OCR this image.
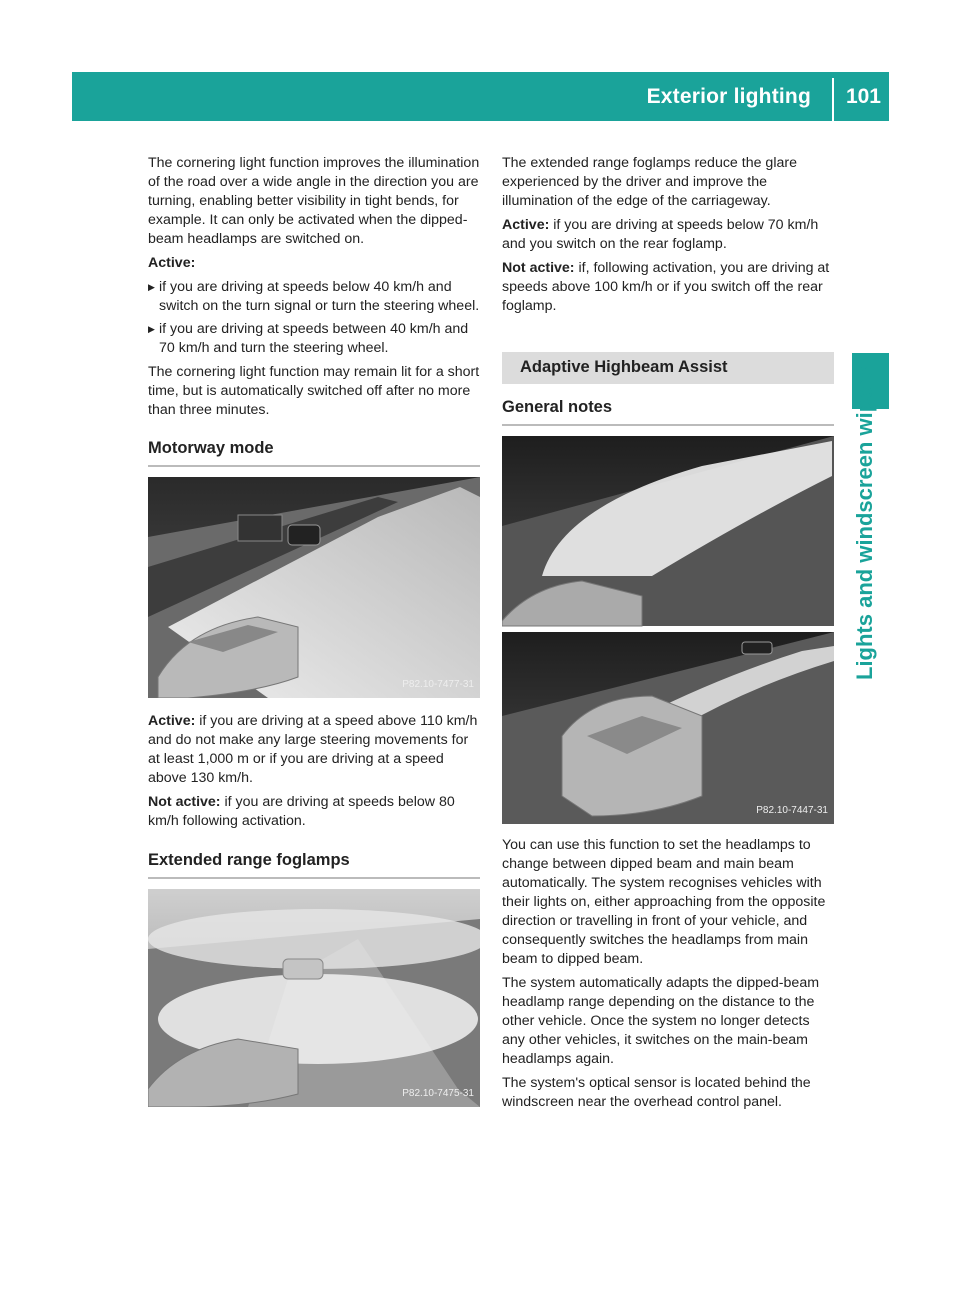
Exterior lighting 101
Lights and windscreen wipers

The cornering light function improves the illumination of the road over a wide angle in the direction you are turning, enabling better visibility in tight bends, for example. It can only be activated when the dipped-beam headlamps are switched on.

Active:

▶ if you are driving at speeds below 40 km/h and switch on the turn signal or turn the steering wheel.
▶ if you are driving at speeds between 40 km/h and 70 km/h and turn the steering wheel.

The cornering light function may remain lit for a short time, but is automatically switched off after no more than three minutes.

Motorway mode
P82.10-7477-31

Active: if you are driving at a speed above 110 km/h and do not make any large steering movements for at least 1,000 m or if you are driving at a speed above 130 km/h.

Not active: if you are driving at speeds below 80 km/h following activation.

Extended range foglamps
P82.10-7475-31

The extended range foglamps reduce the glare experienced by the driver and improve the illumination of the edge of the carriageway.

Active: if you are driving at speeds below 70 km/h and you switch on the rear foglamp.

Not active: if, following activation, you are driving at speeds above 100 km/h or if you switch off the rear foglamp.

Adaptive Highbeam Assist
General notes
P82.10-7447-31

You can use this function to set the headlamps to change between dipped beam and main beam automatically. The system recognises vehicles with their lights on, either approaching from the opposite direction or travelling in front of your vehicle, and consequently switches the headlamps from main beam to dipped beam.

The system automatically adapts the dipped-beam headlamp range depending on the distance to the other vehicle. Once the system no longer detects any other vehicles, it switches on the main-beam headlamps again.

The system's optical sensor is located behind the windscreen near the overhead control panel.
